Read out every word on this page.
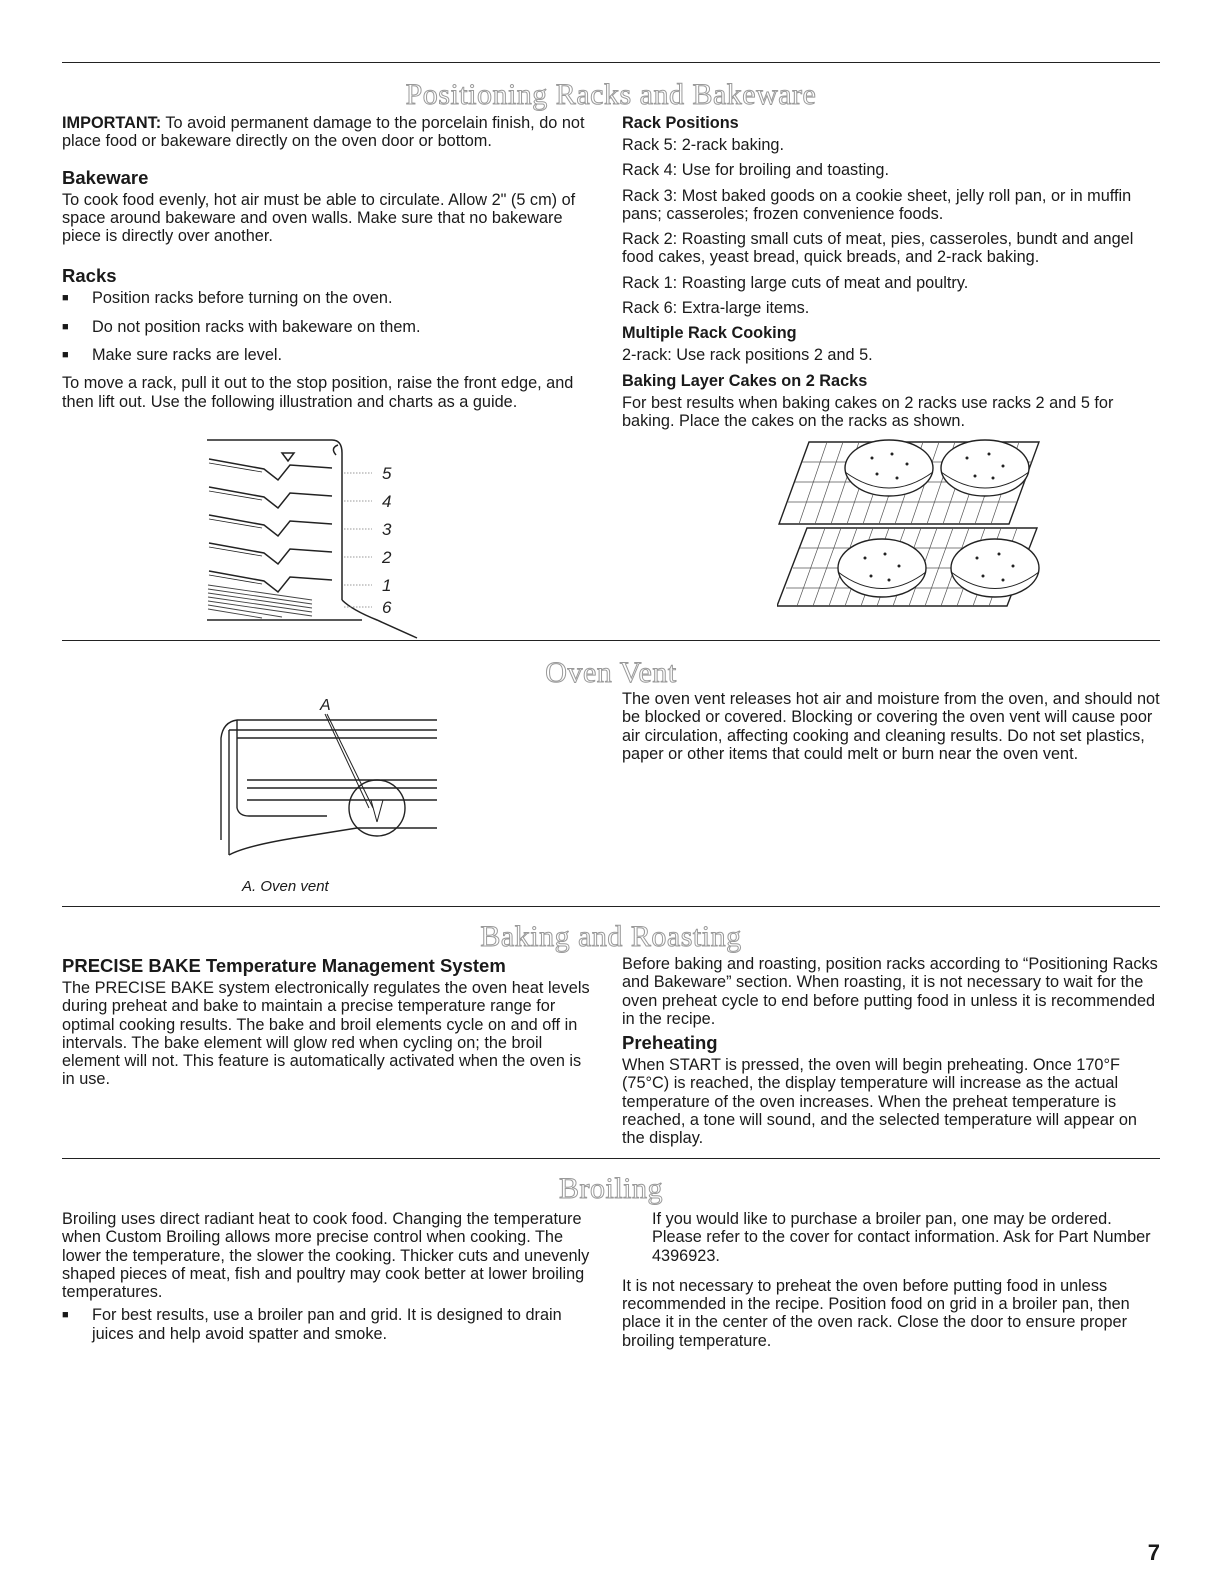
Positioning Racks and Bakeware

IMPORTANT: To avoid permanent damage to the porcelain finish, do not place food or bakeware directly on the oven door or bottom.

Bakeware

To cook food evenly, hot air must be able to circulate. Allow 2" (5 cm) of space around bakeware and oven walls. Make sure that no bakeware piece is directly over another.

Racks
■	Position racks before turning on the oven.
■	Do not position racks with bakeware on them.
■	Make sure racks are level.

To move a rack, pull it out to the stop position, raise the front edge, and then lift out. Use the following illustration and charts as a guide.

5
4
3
2
1
6
Rack Positions

Rack 5: 2-rack baking.

Rack 4: Use for broiling and toasting.

Rack 3: Most baked goods on a cookie sheet, jelly roll pan, or in muffin pans; casseroles; frozen convenience foods.

Rack 2: Roasting small cuts of meat, pies, casseroles, bundt and angel food cakes, yeast bread, quick breads, and 2-rack baking.

Rack 1: Roasting large cuts of meat and poultry.

Rack 6: Extra-large items.

Multiple Rack Cooking

2-rack: Use rack positions 2 and 5.

Baking Layer Cakes on 2 Racks

For best results when baking cakes on 2 racks use racks 2 and 5 for baking. Place the cakes on the racks as shown.

Oven Vent
A
A. Oven vent

The oven vent releases hot air and moisture from the oven, and should not be blocked or covered. Blocking or covering the oven vent will cause poor air circulation, affecting cooking and cleaning results. Do not set plastics, paper or other items that could melt or burn near the oven vent.

Baking and Roasting
PRECISE BAKE Temperature Management System

The PRECISE BAKE system electronically regulates the oven heat levels during preheat and bake to maintain a precise temperature range for optimal cooking results. The bake and broil elements cycle on and off in intervals. The bake element will glow red when cycling on; the broil element will not. This feature is automatically activated when the oven is in use.

Before baking and roasting, position racks according to “Positioning Racks and Bakeware” section. When roasting, it is not necessary to wait for the oven preheat cycle to end before putting food in unless it is recommended in the recipe.

Preheating

When START is pressed, the oven will begin preheating. Once 170°F (75°C) is reached, the display temperature will increase as the actual temperature of the oven increases. When the preheat temperature is reached, a tone will sound, and the selected temperature will appear on the display.

Broiling

Broiling uses direct radiant heat to cook food. Changing the temperature when Custom Broiling allows more precise control when cooking. The lower the temperature, the slower the cooking. Thicker cuts and unevenly shaped pieces of meat, fish and poultry may cook better at lower broiling temperatures.

■	For best results, use a broiler pan and grid. It is designed to drain juices and help avoid spatter and smoke.

If you would like to purchase a broiler pan, one may be ordered. Please refer to the cover for contact information. Ask for Part Number 4396923.

It is not necessary to preheat the oven before putting food in unless recommended in the recipe. Position food on grid in a broiler pan, then place it in the center of the oven rack. Close the door to ensure proper broiling temperature.

7
